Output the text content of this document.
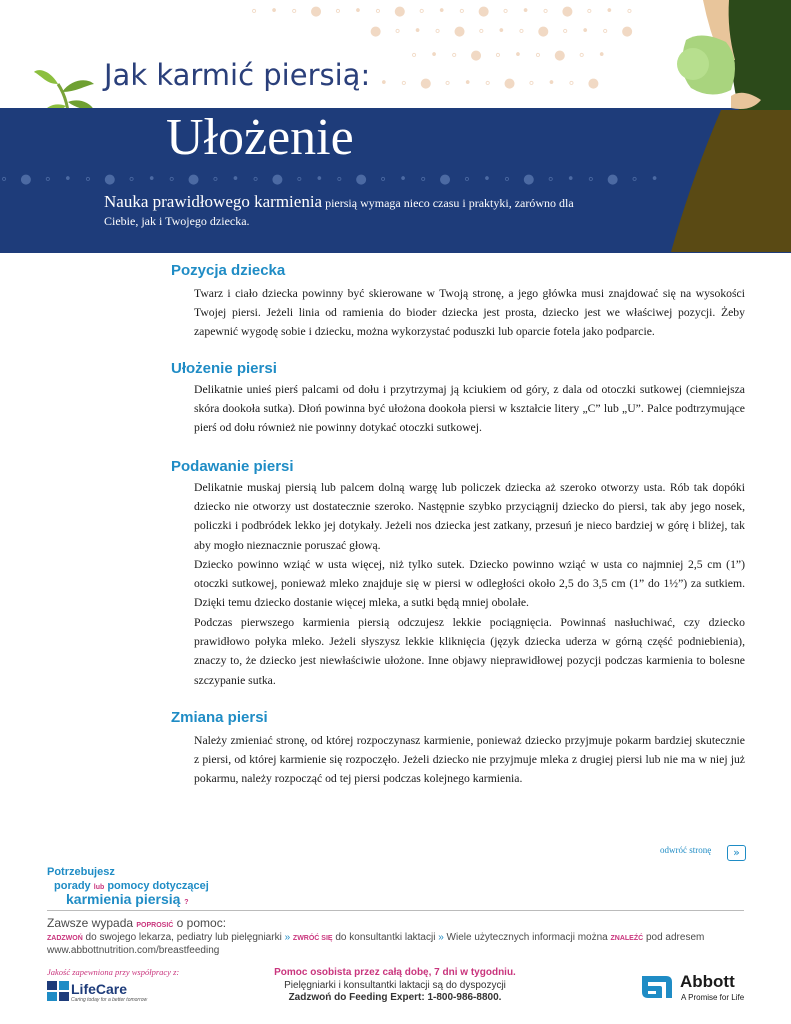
∘ • ∘ ● ∘ • ∘ ● ∘ • ∘ ● ∘ • ∘ ● ∘ • ∘
● ∘ • ∘ ● ∘ • ∘ ● ∘ • ∘ ●
∘ • ∘ ● ∘ • ∘ ● ∘ •
• ∘ ● ∘ • ∘ ● ∘ • ∘ ●
Jak karmić piersią:
∘ ● ∘ • ∘ ● ∘ • ∘ ● ∘ • ∘ ● ∘ • ∘ ● ∘ • ∘ ● ∘ • ∘ ● ∘ • ∘ ● ∘ •
Ułożenie
Nauka prawidłowego karmienia piersią wymaga nieco czasu i praktyki, zarówno dla Ciebie, jak i Twojego dziecka.
Pozycja dziecka

Twarz i ciało dziecka powinny być skierowane w Twoją stronę, a jego główka musi znajdować się na wysokości Twojej piersi. Jeżeli linia od ramienia do bioder dziecka jest prosta, dziecko jest we właściwej pozycji. Żeby zapewnić wygodę sobie i dziecku, można wykorzystać poduszki lub oparcie fotela jako podparcie.

Ułożenie piersi

Delikatnie unieś pierś palcami od dołu i przytrzymaj ją kciukiem od góry, z dala od otoczki sutkowej (ciemniejsza skóra dookoła sutka). Dłoń powinna być ułożona dookoła piersi w kształcie litery „C” lub „U”. Palce podtrzymujące pierś od dołu również nie powinny dotykać otoczki sutkowej.

Podawanie piersi

Delikatnie muskaj piersią lub palcem dolną wargę lub policzek dziecka aż szeroko otworzy usta. Rób tak dopóki dziecko nie otworzy ust dostatecznie szeroko. Następnie szybko przyciągnij dziecko do piersi, tak aby jego nosek, policzki i podbródek lekko jej dotykały. Jeżeli nos dziecka jest zatkany, przesuń je nieco bardziej w górę i bliżej, tak aby mogło nieznacznie poruszać głową.

Dziecko powinno wziąć w usta więcej, niż tylko sutek. Dziecko powinno wziąć w usta co najmniej 2,5 cm (1”) otoczki sutkowej, ponieważ mleko znajduje się w piersi w odległości około 2,5 do 3,5 cm (1” do 1½”) za sutkiem. Dzięki temu dziecko dostanie więcej mleka, a sutki będą mniej obolałe.

Podczas pierwszego karmienia piersią odczujesz lekkie pociągnięcia. Powinnaś nasłuchiwać, czy dziecko prawidłowo połyka mleko. Jeżeli słyszysz lekkie kliknięcia (język dziecka uderza w górną część podniebienia), znaczy to, że dziecko jest niewłaściwie ułożone. Inne objawy nieprawidłowej pozycji podczas karmienia to bolesne szczypanie sutka.

Zmiana piersi

Należy zmieniać stronę, od której rozpoczynasz karmienie, ponieważ dziecko przyjmuje pokarm bardziej skutecznie z piersi, od której karmienie się rozpoczęło. Jeżeli dziecko nie przyjmuje mleka z drugiej piersi lub nie ma w niej już pokarmu, należy rozpocząć od tej piersi podczas kolejnego karmienia.

odwróć stronę	»
Potrzebujesz
porady lub pomocy dotyczącej
karmienia piersią ?
Zawsze wypada POPROSIĆ o pomoc:
ZADZWOŃ do swojego lekarza, pediatry lub pielęgniarki » ZWRÓĆ SIĘ do konsultantki laktacji » Wiele użytecznych informacji można ZNALEŹĆ pod adresem
www.abbottnutrition.com/breastfeeding
Jakość zapewniona przy współpracy z:
LifeCare
Caring today for a better tomorrow
Pomoc osobista przez całą dobę, 7 dni w tygodniu.
Pielęgniarki i konsultantki laktacji są do dyspozycji
Zadzwoń do Feeding Expert: 1-800-986-8800.
Abbott
A Promise for Life
